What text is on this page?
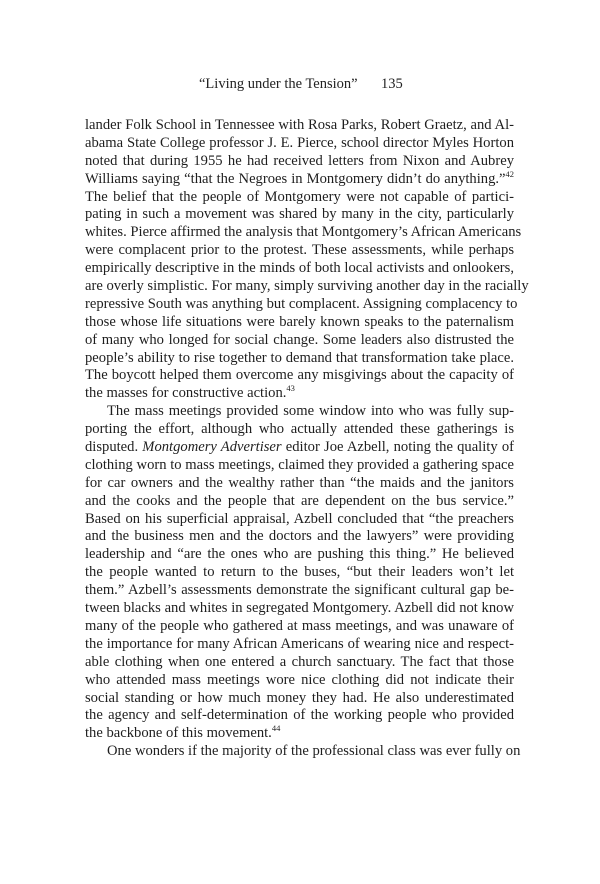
“Living under the Tension” 135
lander Folk School in Tennessee with Rosa Parks, Robert Graetz, and Al-
abama State College professor J. E. Pierce, school director Myles Horton
noted that during 1955 he had received letters from Nixon and Aubrey
Williams saying “that the Negroes in Montgomery didn’t do anything.”$^{42}$
The belief that the people of Montgomery were not capable of partici-
pating in such a movement was shared by many in the city, particularly
whites. Pierce affirmed the analysis that Montgomery’s African Americans
were complacent prior to the protest. These assessments, while perhaps
empirically descriptive in the minds of both local activists and onlookers,
are overly simplistic. For many, simply surviving another day in the racially
repressive South was anything but complacent. Assigning complacency to
those whose life situations were barely known speaks to the paternalism
of many who longed for social change. Some leaders also distrusted the
people’s ability to rise together to demand that transformation take place.
The boycott helped them overcome any misgivings about the capacity of
the masses for constructive action.$^{43}$
The mass meetings provided some window into who was fully sup-
porting the effort, although who actually attended these gatherings is
disputed. Montgomery Advertiser editor Joe Azbell, noting the quality of
clothing worn to mass meetings, claimed they provided a gathering space
for car owners and the wealthy rather than “the maids and the janitors
and the cooks and the people that are dependent on the bus service.”
Based on his superficial appraisal, Azbell concluded that “the preachers
and the business men and the doctors and the lawyers” were providing
leadership and “are the ones who are pushing this thing.” He believed
the people wanted to return to the buses, “but their leaders won’t let
them.” Azbell’s assessments demonstrate the significant cultural gap be-
tween blacks and whites in segregated Montgomery. Azbell did not know
many of the people who gathered at mass meetings, and was unaware of
the importance for many African Americans of wearing nice and respect-
able clothing when one entered a church sanctuary. The fact that those
who attended mass meetings wore nice clothing did not indicate their
social standing or how much money they had. He also underestimated
the agency and self-determination of the working people who provided
the backbone of this movement.$^{44}$
One wonders if the majority of the professional class was ever fully on
